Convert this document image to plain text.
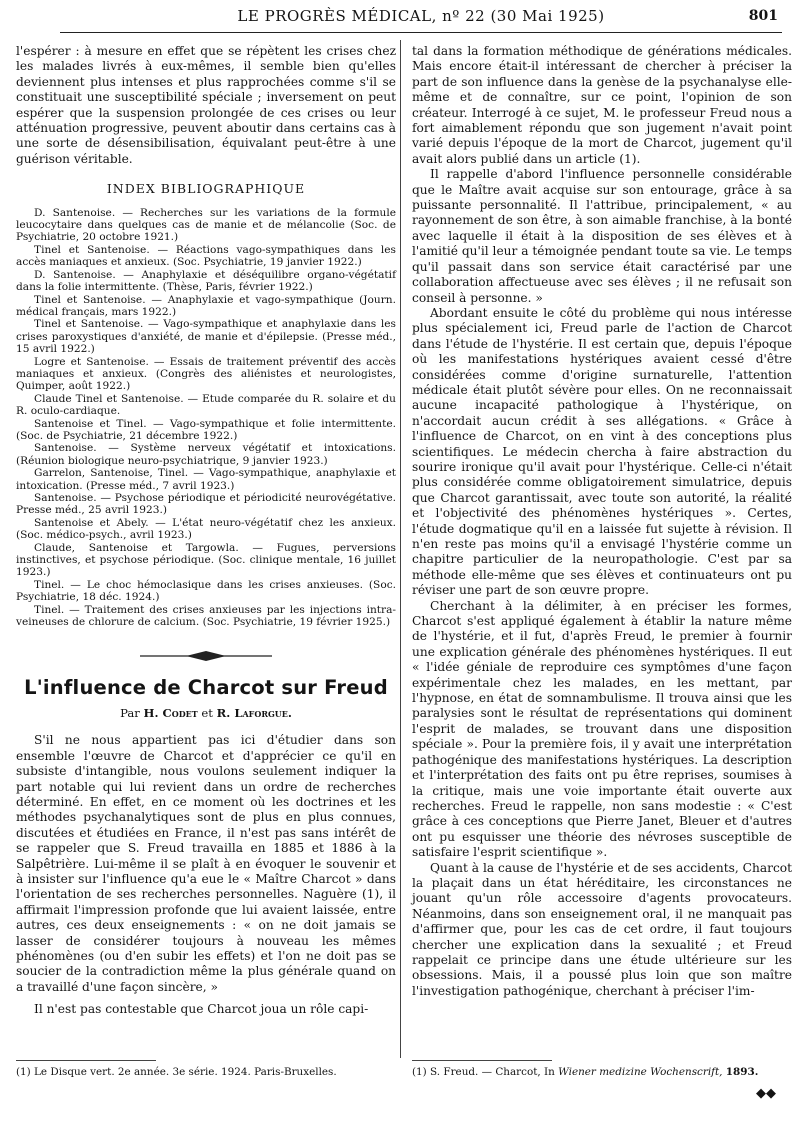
LE PROGRÈS MÉDICAL, nº 22 (30 Mai 1925)	801

l'espérer : à mesure en effet que se répètent les crises chez les malades livrés à eux-mêmes, il semble bien qu'elles deviennent plus intenses et plus rapprochées comme s'il se constituait une susceptibilité spéciale ; inversement on peut espérer que la suspension prolongée de ces crises ou leur atténuation progressive, peuvent aboutir dans certains cas à une sorte de désensibilisation, équivalant peut-être à une guérison véritable.

INDEX BIBLIOGRAPHIQUE

D. Santenoise. — Recherches sur les variations de la formule leucocytaire dans quelques cas de manie et de mélancolie (Soc. de Psychiatrie, 20 octobre 1921.)

Tinel et Santenoise. — Réactions vago-sympathiques dans les accès maniaques et anxieux. (Soc. Psychiatrie, 19 janvier 1922.)

D. Santenoise. — Anaphylaxie et déséquilibre organo-végétatif dans la folie intermittente. (Thèse, Paris, février 1922.)

Tinel et Santenoise. — Anaphylaxie et vago-sympathique (Journ. médical français, mars 1922.)

Tinel et Santenoise. — Vago-sympathique et anaphylaxie dans les crises paroxystiques d'anxiété, de manie et d'épilepsie. (Presse méd., 15 avril 1922.)

Logre et Santenoise. — Essais de traitement préventif des accès maniaques et anxieux. (Congrès des aliénistes et neurologistes, Quimper, août 1922.)

Claude Tinel et Santenoise. — Etude comparée du R. solaire et du R. oculo-cardiaque.

Santenoise et Tinel. — Vago-sympathique et folie intermittente. (Soc. de Psychiatrie, 21 décembre 1922.)

Santenoise. — Système nerveux végétatif et intoxications. (Réunion biologique neuro-psychiatrique, 9 janvier 1923.)

Garrelon, Santenoise, Tinel. — Vago-sympathique, anaphylaxie et intoxication. (Presse méd., 7 avril 1923.)

Santenoise. — Psychose périodique et périodicité neurovégétative. Presse méd., 25 avril 1923.)

Santenoise et Abely. — L'état neuro-végétatif chez les anxieux. (Soc. médico-psych., avril 1923.)

Claude, Santenoise et Targowla. — Fugues, perversions instinctives, et psychose périodique. (Soc. clinique mentale, 16 juillet 1923.)

Tinel. — Le choc hémoclasique dans les crises anxieuses. (Soc. Psychiatrie, 18 déc. 1924.)

Tinel. — Traitement des crises anxieuses par les injections intra-veineuses de chlorure de calcium. (Soc. Psychiatrie, 19 février 1925.)

L'influence de Charcot sur Freud
Par H. Codet et R. Laforgue.

S'il ne nous appartient pas ici d'étudier dans son ensemble l'œuvre de Charcot et d'apprécier ce qu'il en subsiste d'intangible, nous voulons seulement indiquer la part notable qui lui revient dans un ordre de recherches déterminé. En effet, en ce moment où les doctrines et les méthodes psychanalytiques sont de plus en plus connues, discutées et étudiées en France, il n'est pas sans intérêt de se rappeler que S. Freud travailla en 1885 et 1886 à la Salpêtrière. Lui-même il se plaît à en évoquer le souvenir et à insister sur l'influence qu'a eue le « Maître Charcot » dans l'orientation de ses recherches personnelles. Naguère (1), il affirmait l'impression profonde que lui avaient laissée, entre autres, ces deux enseignements : « on ne doit jamais se lasser de considérer toujours à nouveau les mêmes phénomènes (ou d'en subir les effets) et l'on ne doit pas se soucier de la contradiction même la plus générale quand on a travaillé d'une façon sincère, »

Il n'est pas contestable que Charcot joua un rôle capi-

tal dans la formation méthodique de générations médicales. Mais encore était-il intéressant de chercher à préciser la part de son influence dans la genèse de la psychanalyse elle-même et de connaître, sur ce point, l'opinion de son créateur. Interrogé à ce sujet, M. le professeur Freud nous a fort aimablement répondu que son jugement n'avait point varié depuis l'époque de la mort de Charcot, jugement qu'il avait alors publié dans un article (1).

Il rappelle d'abord l'influence personnelle considérable que le Maître avait acquise sur son entourage, grâce à sa puissante personnalité. Il l'attribue, principalement, « au rayonnement de son être, à son aimable franchise, à la bonté avec laquelle il était à la disposition de ses élèves et à l'amitié qu'il leur a témoignée pendant toute sa vie. Le temps qu'il passait dans son service était caractérisé par une collaboration affectueuse avec ses élèves ; il ne refusait son conseil à personne. »

Abordant ensuite le côté du problème qui nous intéresse plus spécialement ici, Freud parle de l'action de Charcot dans l'étude de l'hystérie. Il est certain que, depuis l'époque où les manifestations hystériques avaient cessé d'être considérées comme d'origine surnaturelle, l'attention médicale était plutôt sévère pour elles. On ne reconnaissait aucune incapacité pathologique à l'hystérique, on n'accordait aucun crédit à ses allégations. « Grâce à l'influence de Charcot, on en vint à des conceptions plus scientifiques. Le médecin chercha à faire abstraction du sourire ironique qu'il avait pour l'hystérique. Celle-ci n'était plus considérée comme obligatoirement simulatrice, depuis que Charcot garantissait, avec toute son autorité, la réalité et l'objectivité des phénomènes hystériques ». Certes, l'étude dogmatique qu'il en a laissée fut sujette à révision. Il n'en reste pas moins qu'il a envisagé l'hystérie comme un chapitre particulier de la neuropathologie. C'est par sa méthode elle-même que ses élèves et continuateurs ont pu réviser une part de son œuvre propre.

Cherchant à la délimiter, à en préciser les formes, Charcot s'est appliqué également à établir la nature même de l'hystérie, et il fut, d'après Freud, le premier à fournir une explication générale des phénomènes hystériques. Il eut « l'idée géniale de reproduire ces symptômes d'une façon expérimentale chez les malades, en les mettant, par l'hypnose, en état de somnambulisme. Il trouva ainsi que les paralysies sont le résultat de représentations qui dominent l'esprit de malades, se trouvant dans une disposition spéciale ». Pour la première fois, il y avait une interprétation pathogénique des manifestations hystériques. La description et l'interprétation des faits ont pu être reprises, soumises à la critique, mais une voie importante était ouverte aux recherches. Freud le rappelle, non sans modestie : « C'est grâce à ces conceptions que Pierre Janet, Bleuer et d'autres ont pu esquisser une théorie des névroses susceptible de satisfaire l'esprit scientifique ».

Quant à la cause de l'hystérie et de ses accidents, Charcot la plaçait dans un état héréditaire, les circonstances ne jouant qu'un rôle accessoire d'agents provocateurs. Néanmoins, dans son enseignement oral, il ne manquait pas d'affirmer que, pour les cas de cet ordre, il faut toujours chercher une explication dans la sexualité ; et Freud rappelait ce principe dans une étude ultérieure sur les obsessions. Mais, il a poussé plus loin que son maître l'investigation pathogénique, cherchant à préciser l'im-

(1) Le Disque vert. 2e année. 3e série. 1924. Paris-Bruxelles.	(1) S. Freud. — Charcot, In Wiener medizine Wochenscrift, 1893.
◆◆
